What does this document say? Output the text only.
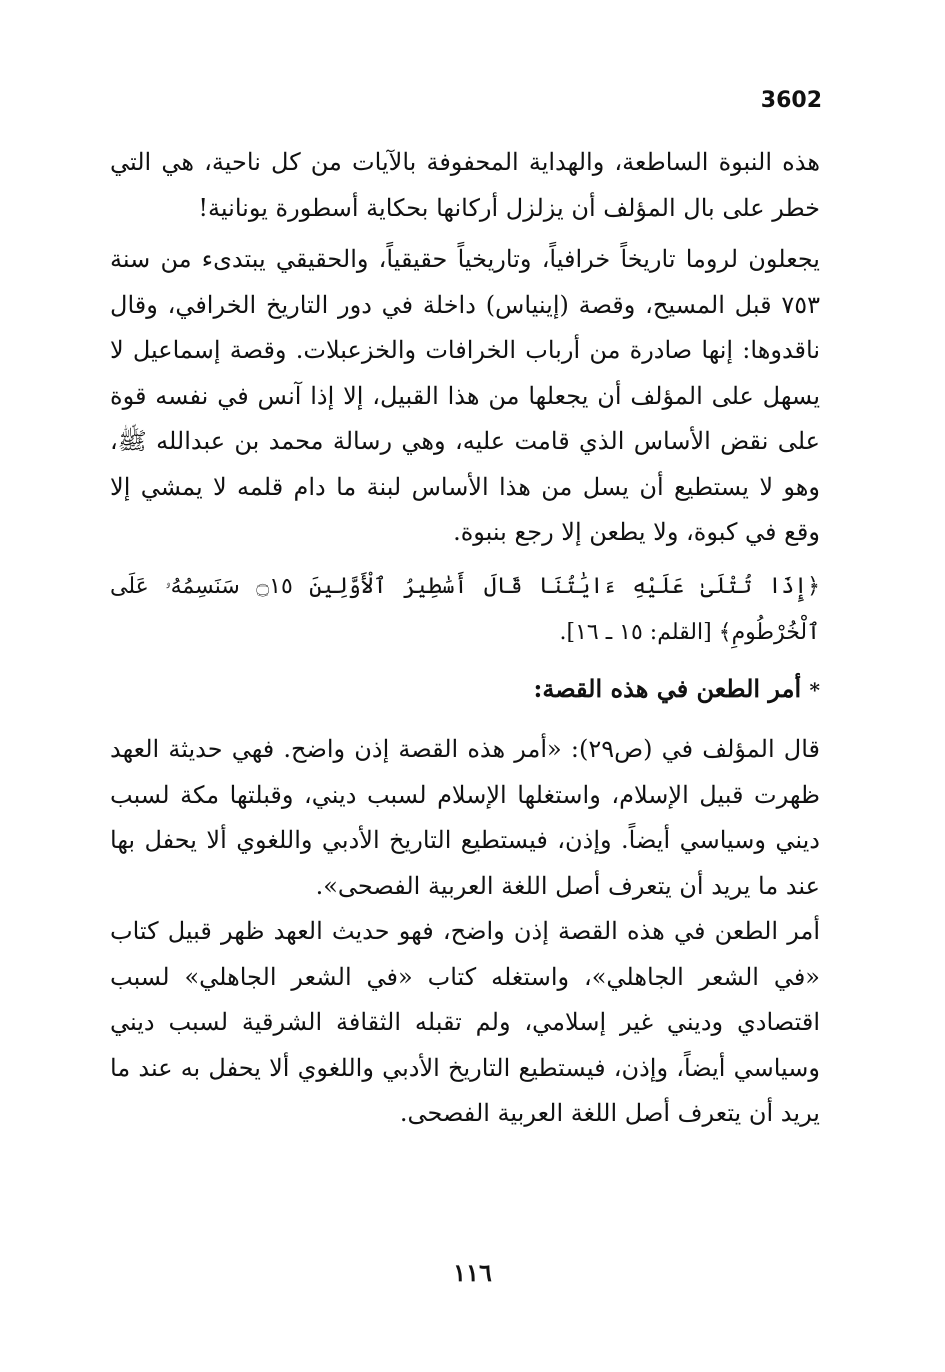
3602

هذه النبوة الساطعة، والهداية المحفوفة بالآيات من كل ناحية، هي التي خطر على بال المؤلف أن يزلزل أركانها بحكاية أسطورة يونانية!

يجعلون لروما تاريخاً خرافياً، وتاريخياً حقيقياً، والحقيقي يبتدىء من سنة ٧٥٣ قبل المسيح، وقصة (إينياس) داخلة في دور التاريخ الخرافي، وقال ناقدوها: إنها صادرة من أرباب الخرافات والخزعبلات. وقصة إسماعيل لا يسهل على المؤلف أن يجعلها من هذا القبيل، إلا إذا آنس في نفسه قوة على نقض الأساس الذي قامت عليه، وهي رسالة محمد بن عبدالله ﷺ، وهو لا يستطيع أن يسل من هذا الأساس لبنة ما دام قلمه لا يمشي إلا وقع في كبوة، ولا يطعن إلا رجع بنبوة.

﴿إِذَا تُتْلَىٰ عَلَيْهِ ءَايَٰتُنَا قَالَ أَسَٰطِيرُ ٱلْأَوَّلِينَ ۝١٥ سَنَسِمُهُۥ عَلَى ٱلْخُرْطُومِ﴾ [القلم: ١٥ ـ ١٦].

* أمر الطعن في هذه القصة:

قال المؤلف في (ص٢٩): «أمر هذه القصة إذن واضح. فهي حديثة العهد ظهرت قبيل الإسلام، واستغلها الإسلام لسبب ديني، وقبلتها مكة لسبب ديني وسياسي أيضاً. وإذن، فيستطيع التاريخ الأدبي واللغوي ألا يحفل بها عند ما يريد أن يتعرف أصل اللغة العربية الفصحى».

أمر الطعن في هذه القصة إذن واضح، فهو حديث العهد ظهر قبيل كتاب «في الشعر الجاهلي»، واستغله كتاب «في الشعر الجاهلي» لسبب اقتصادي وديني غير إسلامي، ولم تقبله الثقافة الشرقية لسبب ديني وسياسي أيضاً، وإذن، فيستطيع التاريخ الأدبي واللغوي ألا يحفل به عند ما يريد أن يتعرف أصل اللغة العربية الفصحى.

١١٦
